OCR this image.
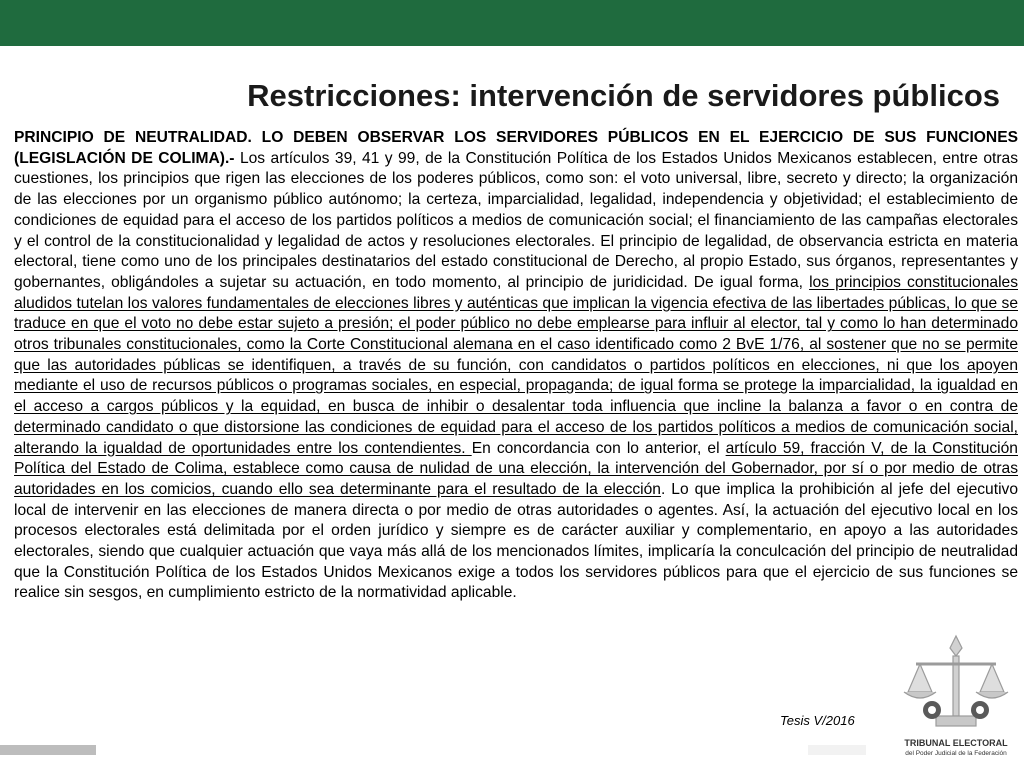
Restricciones: intervención de servidores públicos

PRINCIPIO DE NEUTRALIDAD. LO DEBEN OBSERVAR LOS SERVIDORES PÚBLICOS EN EL EJERCICIO DE SUS FUNCIONES (LEGISLACIÓN DE COLIMA).- Los artículos 39, 41 y 99, de la Constitución Política de los Estados Unidos Mexicanos establecen, entre otras cuestiones, los principios que rigen las elecciones de los poderes públicos, como son: el voto universal, libre, secreto y directo; la organización de las elecciones por un organismo público autónomo; la certeza, imparcialidad, legalidad, independencia y objetividad; el establecimiento de condiciones de equidad para el acceso de los partidos políticos a medios de comunicación social; el financiamiento de las campañas electorales y el control de la constitucionalidad y legalidad de actos y resoluciones electorales. El principio de legalidad, de observancia estricta en materia electoral, tiene como uno de los principales destinatarios del estado constitucional de Derecho, al propio Estado, sus órganos, representantes y gobernantes, obligándoles a sujetar su actuación, en todo momento, al principio de juridicidad. De igual forma, los principios constitucionales aludidos tutelan los valores fundamentales de elecciones libres y auténticas que implican la vigencia efectiva de las libertades públicas, lo que se traduce en que el voto no debe estar sujeto a presión; el poder público no debe emplearse para influir al elector, tal y como lo han determinado otros tribunales constitucionales, como la Corte Constitucional alemana en el caso identificado como 2 BvE 1/76, al sostener que no se permite que las autoridades públicas se identifiquen, a través de su función, con candidatos o partidos políticos en elecciones, ni que los apoyen mediante el uso de recursos públicos o programas sociales, en especial, propaganda; de igual forma se protege la imparcialidad, la igualdad en el acceso a cargos públicos y la equidad, en busca de inhibir o desalentar toda influencia que incline la balanza a favor o en contra de determinado candidato o que distorsione las condiciones de equidad para el acceso de los partidos políticos a medios de comunicación social, alterando la igualdad de oportunidades entre los contendientes. En concordancia con lo anterior, el artículo 59, fracción V, de la Constitución Política del Estado de Colima, establece como causa de nulidad de una elección, la intervención del Gobernador, por sí o por medio de otras autoridades en los comicios, cuando ello sea determinante para el resultado de la elección. Lo que implica la prohibición al jefe del ejecutivo local de intervenir en las elecciones de manera directa o por medio de otras autoridades o agentes. Así, la actuación del ejecutivo local en los procesos electorales está delimitada por el orden jurídico y siempre es de carácter auxiliar y complementario, en apoyo a las autoridades electorales, siendo que cualquier actuación que vaya más allá de los mencionados límites, implicaría la conculcación del principio de neutralidad que la Constitución Política de los Estados Unidos Mexicanos exige a todos los servidores públicos para que el ejercicio de sus funciones se realice sin sesgos, en cumplimiento estricto de la normatividad aplicable.

Tesis V/2016
TRIBUNAL ELECTORAL
del Poder Judicial de la Federación
